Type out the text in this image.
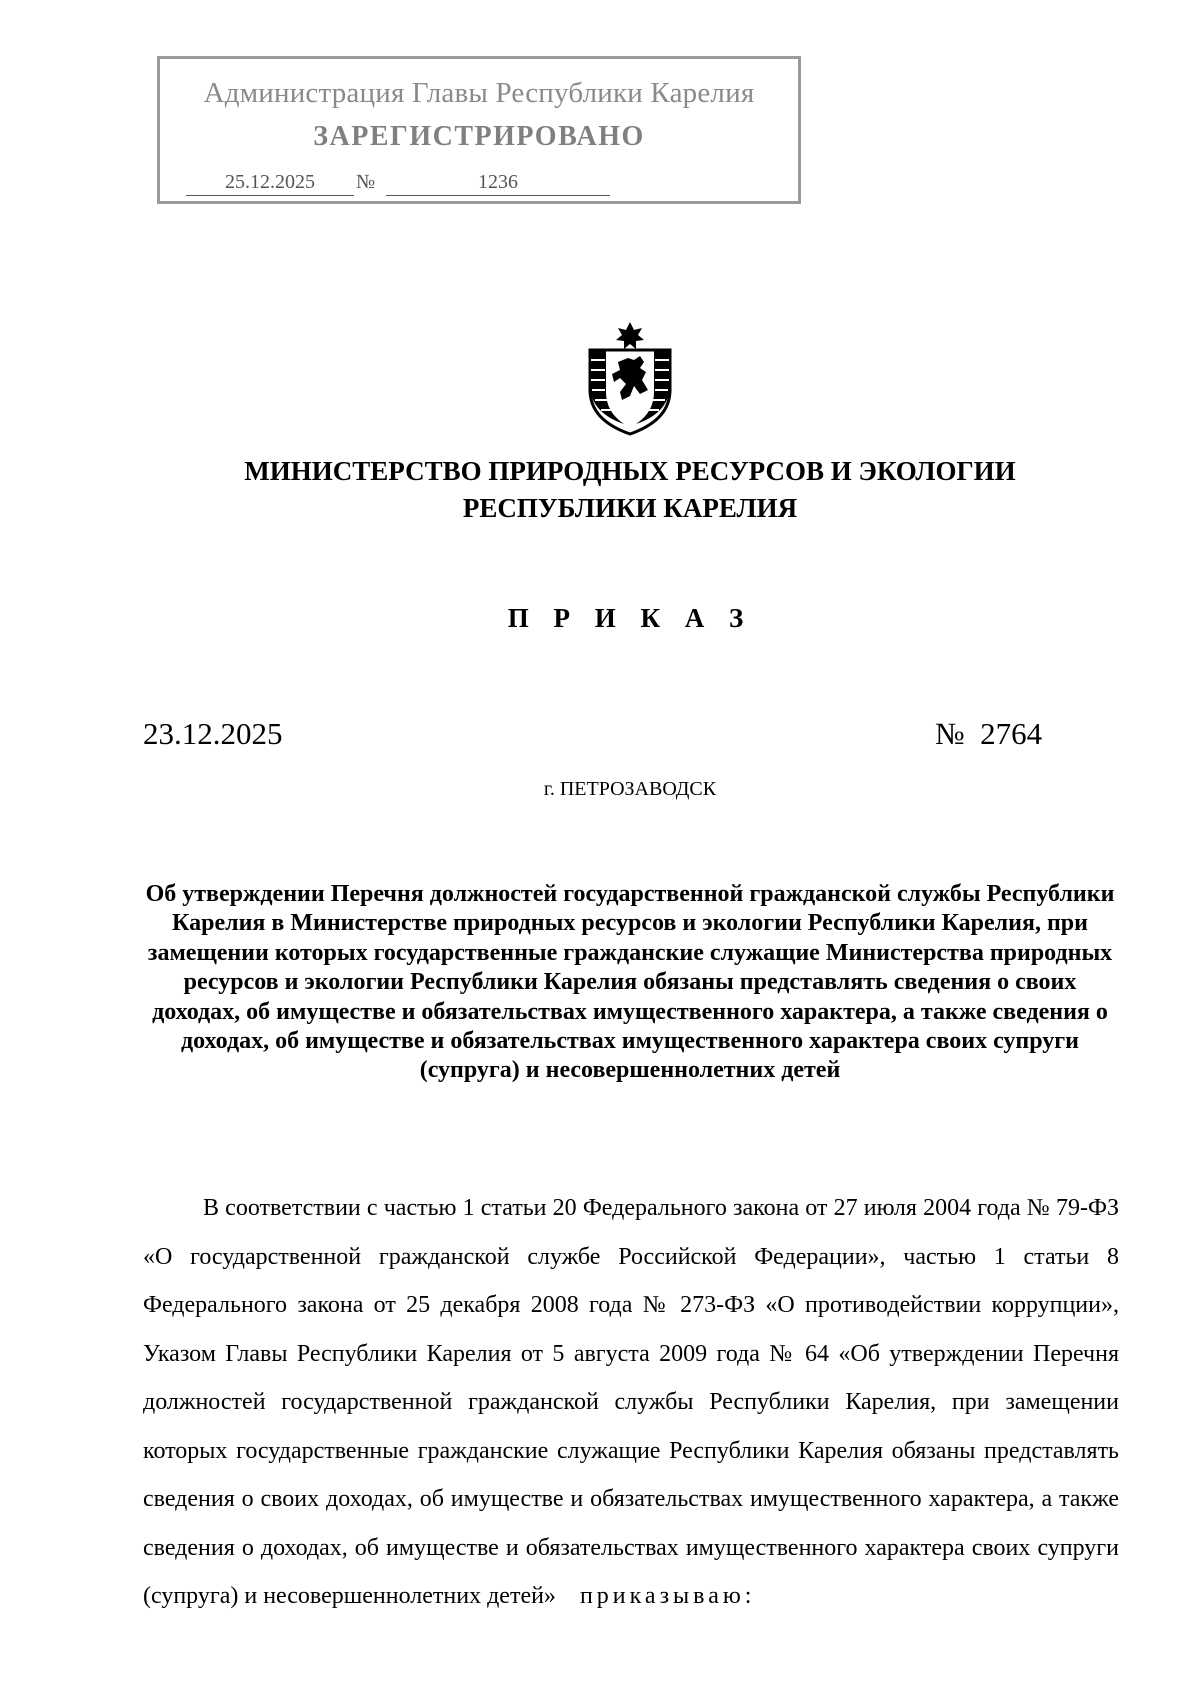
Администрация Главы Республики Карелия
ЗАРЕГИСТРИРОВАНО
25.12.2025	№	1236
МИНИСТЕРСТВО ПРИРОДНЫХ РЕСУРСОВ И ЭКОЛОГИИ
РЕСПУБЛИКИ КАРЕЛИЯ
П Р И К А З
23.12.2025	№  2764
г. ПЕТРОЗАВОДСК
Об утверждении Перечня должностей государственной гражданской службы Республики Карелия в Министерстве природных ресурсов и экологии Республики Карелия, при замещении которых государственные гражданские служащие Министерства природных ресурсов и экологии Республики Карелия обязаны представлять сведения о своих доходах, об имуществе и обязательствах имущественного характера, а также сведения о доходах, об имуществе и обязательствах имущественного характера своих супруги (супруга) и несовершеннолетних детей
В соответствии с частью 1 статьи 20 Федерального закона от 27 июля 2004 года № 79-ФЗ «О государственной гражданской службе Российской Федерации», частью 1 статьи 8 Федерального закона от 25 декабря 2008 года № 273-ФЗ «О противодействии коррупции», Указом Главы Республики Карелия от 5 августа 2009 года № 64 «Об утверждении Перечня должностей государственной гражданской службы Республики Карелия, при замещении которых государственные гражданские служащие Республики Карелия обязаны представлять сведения о своих доходах, об имуществе и обязательствах имущественного характера, а также сведения о доходах, об имуществе и обязательствах имущественного характера своих супруги (супруга) и несовершеннолетних детей» приказываю:
